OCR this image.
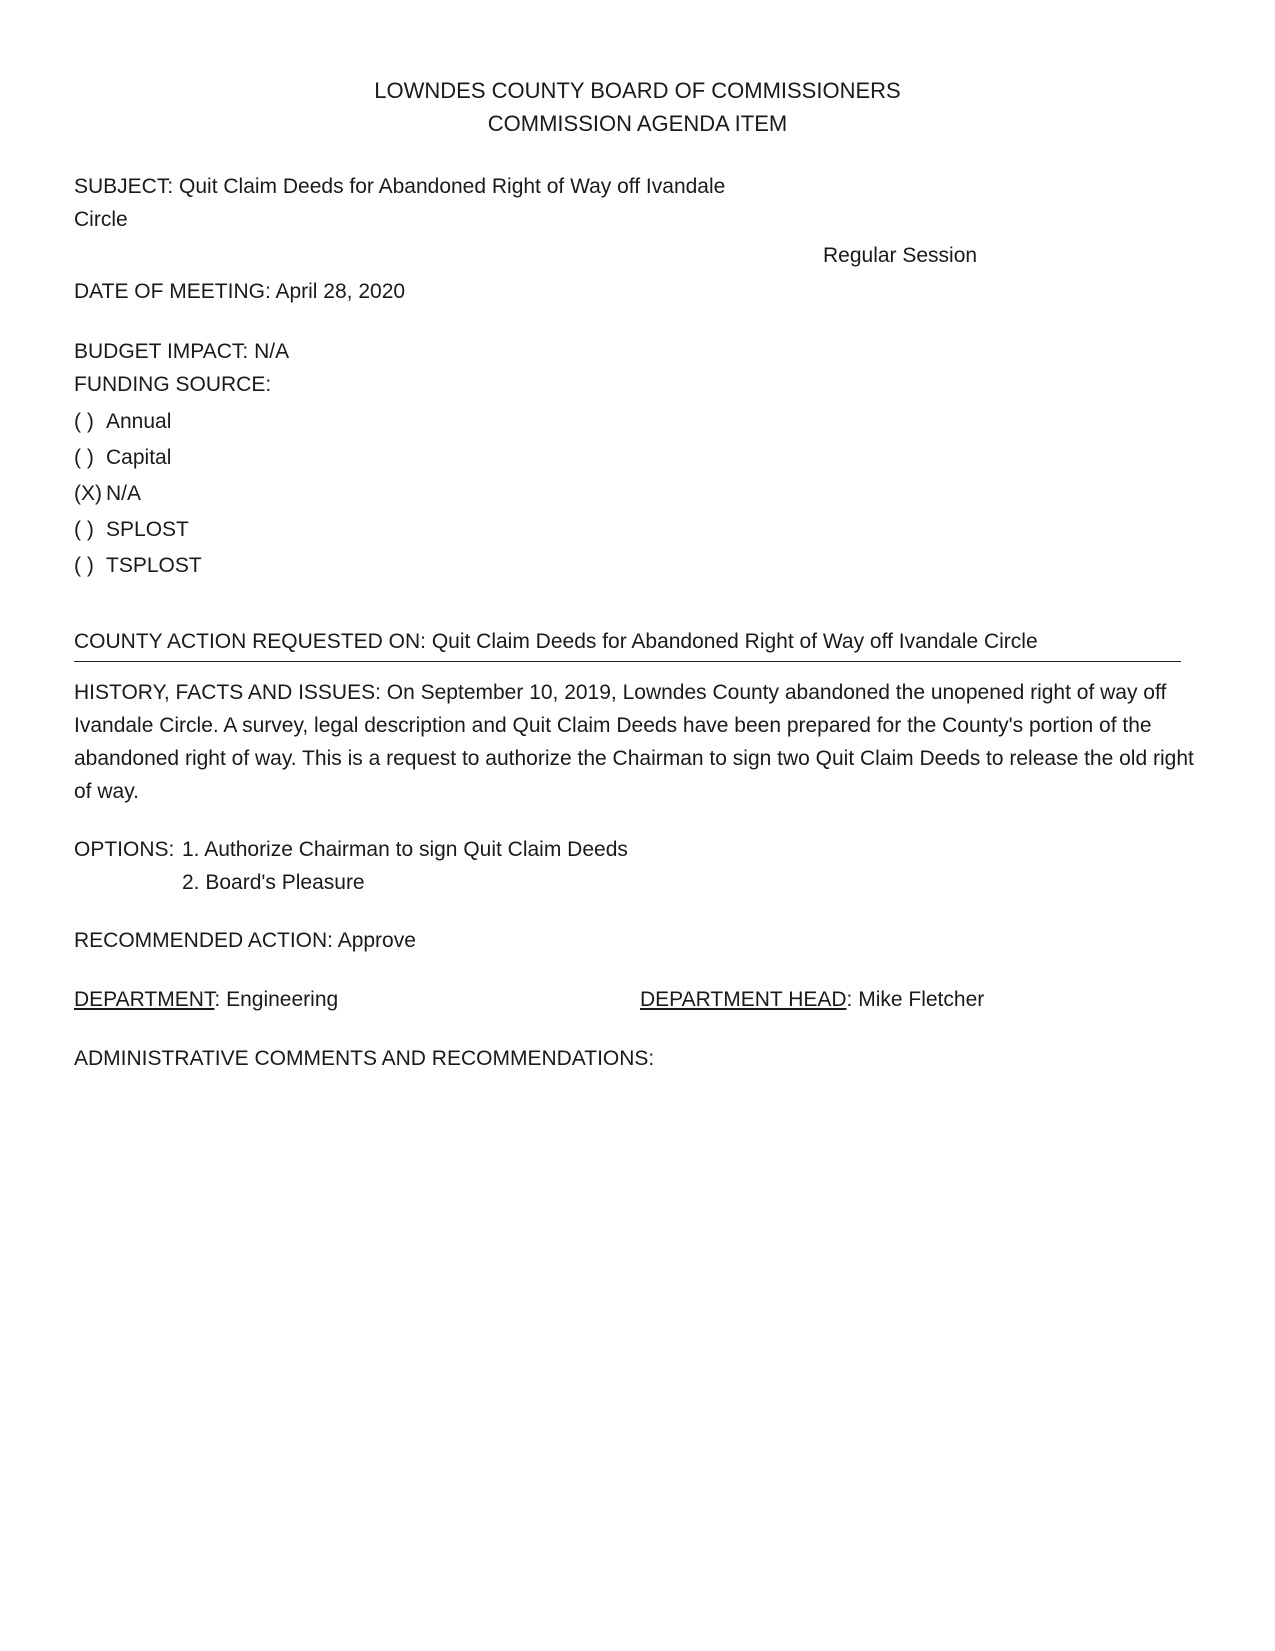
LOWNDES COUNTY BOARD OF COMMISSIONERS
COMMISSION AGENDA ITEM
SUBJECT: Quit Claim Deeds for Abandoned Right of Way off Ivandale
Circle
Regular Session
DATE OF MEETING: April 28, 2020
BUDGET IMPACT: N/A
FUNDING SOURCE:
( ) Annual
( ) Capital
(X) N/A
( ) SPLOST
( ) TSPLOST
COUNTY ACTION REQUESTED ON: Quit Claim Deeds for Abandoned Right of Way off Ivandale Circle
HISTORY, FACTS AND ISSUES: On September 10, 2019, Lowndes County abandoned the unopened right of way off Ivandale Circle. A survey, legal description and Quit Claim Deeds have been prepared for the County's portion of the abandoned right of way. This is a request to authorize the Chairman to sign two Quit Claim Deeds to release the old right of way.
OPTIONS: 1. Authorize Chairman to sign Quit Claim Deeds
2. Board's Pleasure
RECOMMENDED ACTION: Approve
DEPARTMENT: Engineering	DEPARTMENT HEAD: Mike Fletcher
ADMINISTRATIVE COMMENTS AND RECOMMENDATIONS:
